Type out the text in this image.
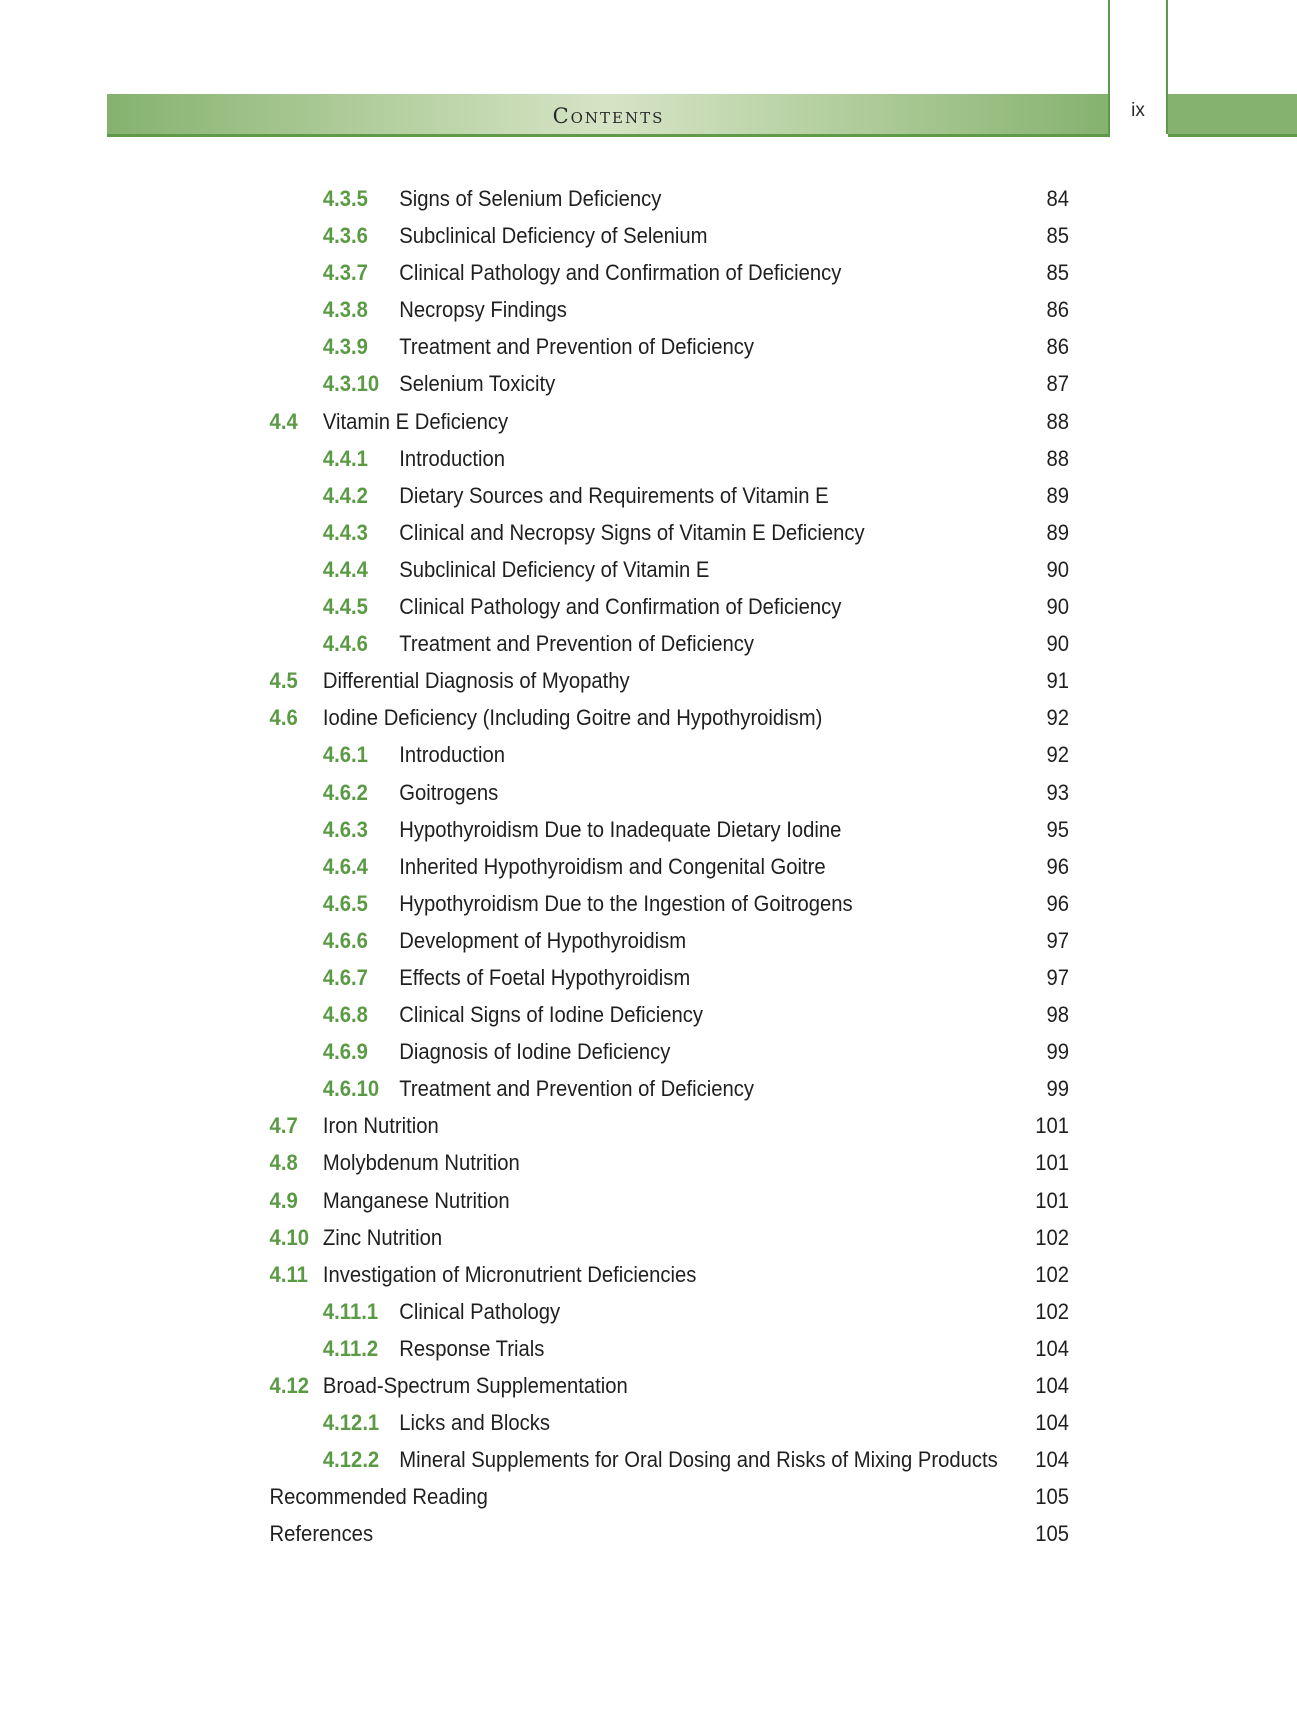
Contents	ix
4.3.5 Signs of Selenium Deficiency	84
4.3.6 Subclinical Deficiency of Selenium	85
4.3.7 Clinical Pathology and Confirmation of Deficiency	85
4.3.8 Necropsy Findings	86
4.3.9 Treatment and Prevention of Deficiency	86
4.3.10 Selenium Toxicity	87
4.4 Vitamin E Deficiency	88
4.4.1 Introduction	88
4.4.2 Dietary Sources and Requirements of Vitamin E	89
4.4.3 Clinical and Necropsy Signs of Vitamin E Deficiency	89
4.4.4 Subclinical Deficiency of Vitamin E	90
4.4.5 Clinical Pathology and Confirmation of Deficiency	90
4.4.6 Treatment and Prevention of Deficiency	90
4.5 Differential Diagnosis of Myopathy	91
4.6 Iodine Deficiency (Including Goitre and Hypothyroidism)	92
4.6.1 Introduction	92
4.6.2 Goitrogens	93
4.6.3 Hypothyroidism Due to Inadequate Dietary Iodine	95
4.6.4 Inherited Hypothyroidism and Congenital Goitre	96
4.6.5 Hypothyroidism Due to the Ingestion of Goitrogens	96
4.6.6 Development of Hypothyroidism	97
4.6.7 Effects of Foetal Hypothyroidism	97
4.6.8 Clinical Signs of Iodine Deficiency	98
4.6.9 Diagnosis of Iodine Deficiency	99
4.6.10 Treatment and Prevention of Deficiency	99
4.7 Iron Nutrition	101
4.8 Molybdenum Nutrition	101
4.9 Manganese Nutrition	101
4.10 Zinc Nutrition	102
4.11 Investigation of Micronutrient Deficiencies	102
4.11.1 Clinical Pathology	102
4.11.2 Response Trials	104
4.12 Broad-Spectrum Supplementation	104
4.12.1 Licks and Blocks	104
4.12.2 Mineral Supplements for Oral Dosing and Risks of Mixing Products	104
Recommended Reading	105
References	105
